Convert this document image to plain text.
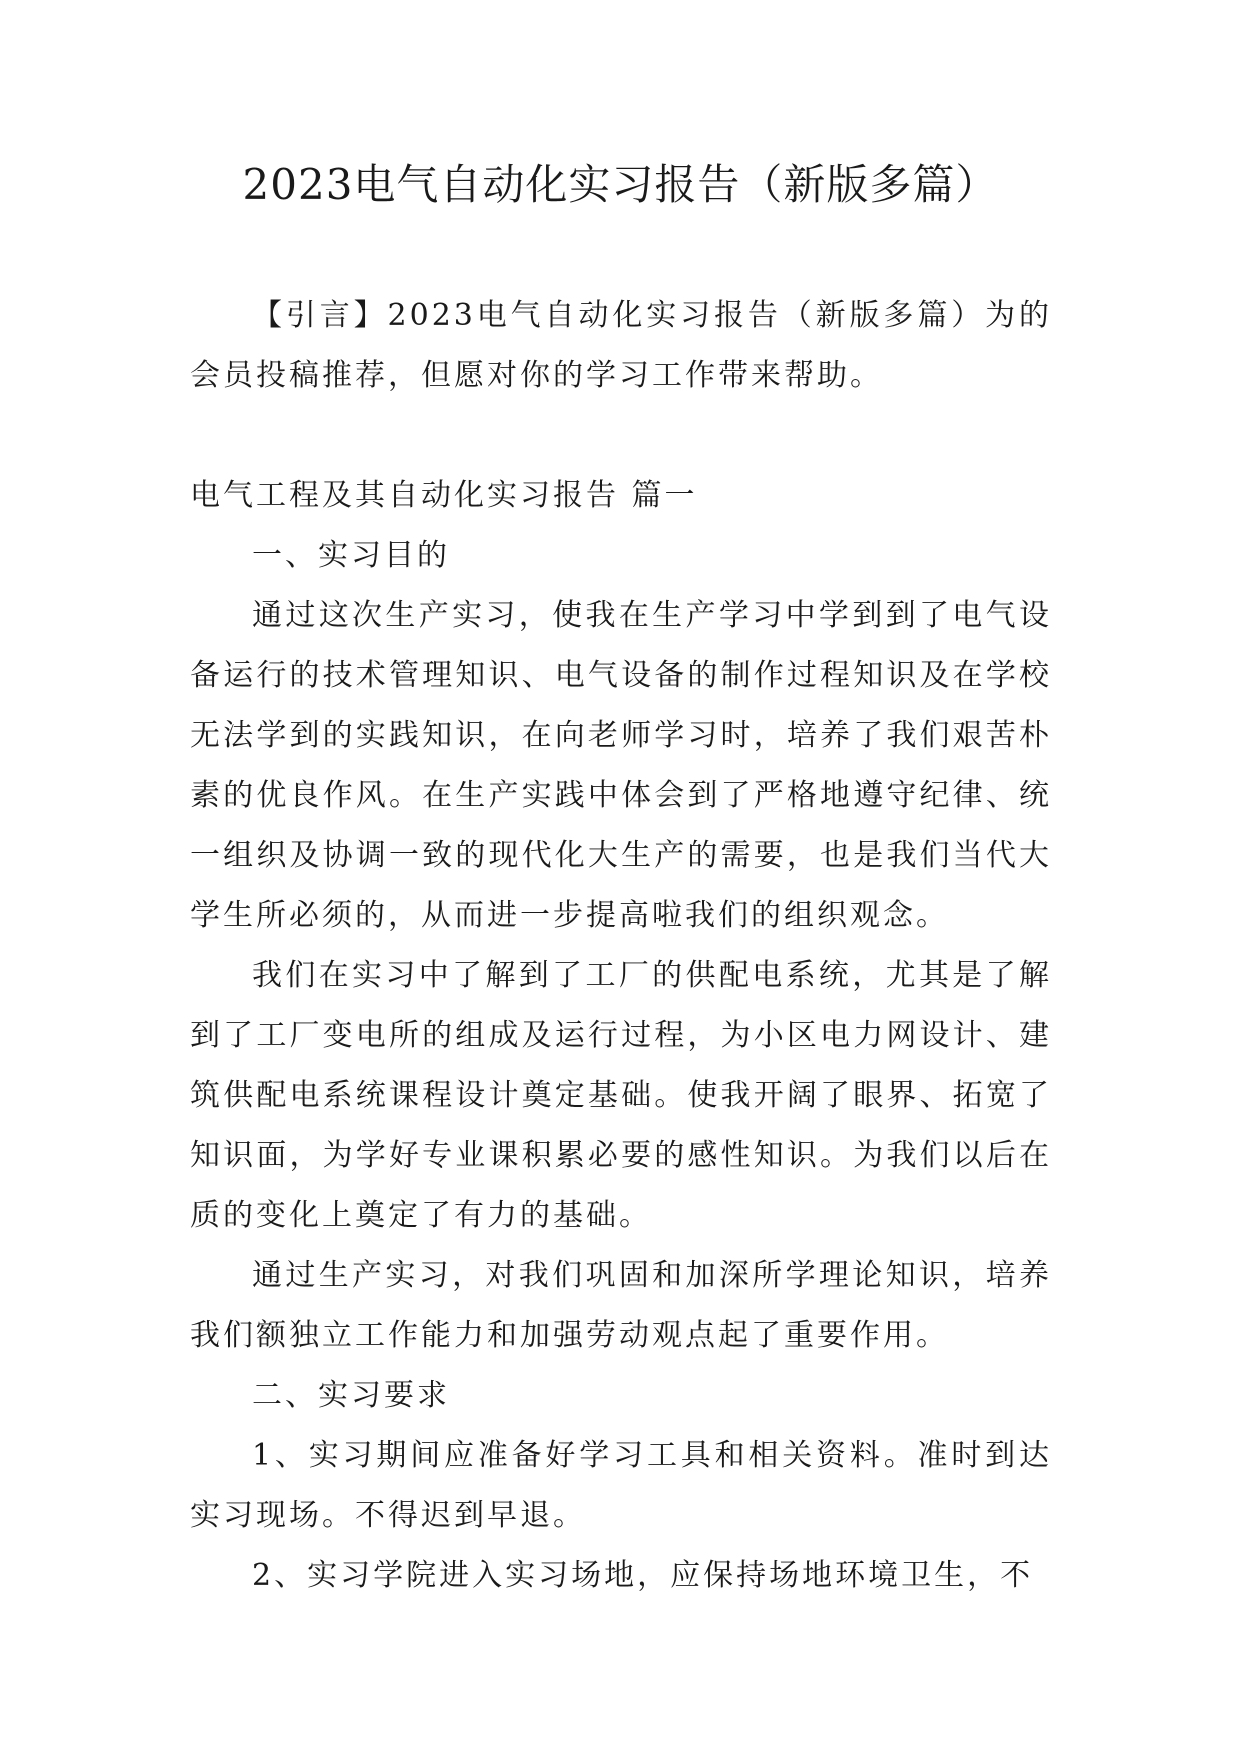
2023电气自动化实习报告（新版多篇）

【引言】2023电气自动化实习报告（新版多篇）为的会员投稿推荐，但愿对你的学习工作带来帮助。

电气工程及其自动化实习报告 篇一

一、实习目的

通过这次生产实习，使我在生产学习中学到到了电气设备运行的技术管理知识、电气设备的制作过程知识及在学校无法学到的实践知识，在向老师学习时，培养了我们艰苦朴素的优良作风。在生产实践中体会到了严格地遵守纪律、统一组织及协调一致的现代化大生产的需要，也是我们当代大学生所必须的，从而进一步提高啦我们的组织观念。

我们在实习中了解到了工厂的供配电系统，尤其是了解到了工厂变电所的组成及运行过程，为小区电力网设计、建筑供配电系统课程设计奠定基础。使我开阔了眼界、拓宽了知识面，为学好专业课积累必要的感性知识。为我们以后在质的变化上奠定了有力的基础。

通过生产实习，对我们巩固和加深所学理论知识，培养我们额独立工作能力和加强劳动观点起了重要作用。

二、实习要求

1、实习期间应准备好学习工具和相关资料。准时到达实习现场。不得迟到早退。

2、实习学院进入实习场地，应保持场地环境卫生，不
